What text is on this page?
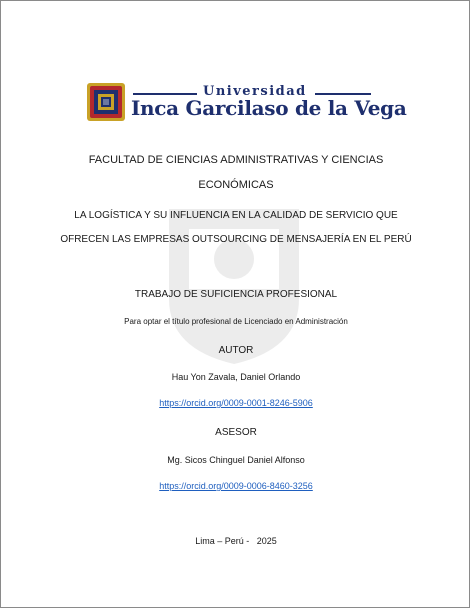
Universidad
Inca Garcilaso de la Vega
FACULTAD DE CIENCIAS ADMINISTRATIVAS Y CIENCIAS
ECONÓMICAS
LA LOGÍSTICA Y SU INFLUENCIA EN LA CALIDAD DE SERVICIO QUE
OFRECEN LAS EMPRESAS OUTSOURCING DE MENSAJERÍA EN EL PERÚ
TRABAJO DE SUFICIENCIA PROFESIONAL
Para optar el título profesional de Licenciado en Administración
AUTOR
Hau Yon Zavala, Daniel Orlando
https://orcid.org/0009-0001-8246-5906
ASESOR
Mg. Sicos Chinguel Daniel Alfonso
https://orcid.org/0009-0006-8460-3256
Lima – Perú -   2025
